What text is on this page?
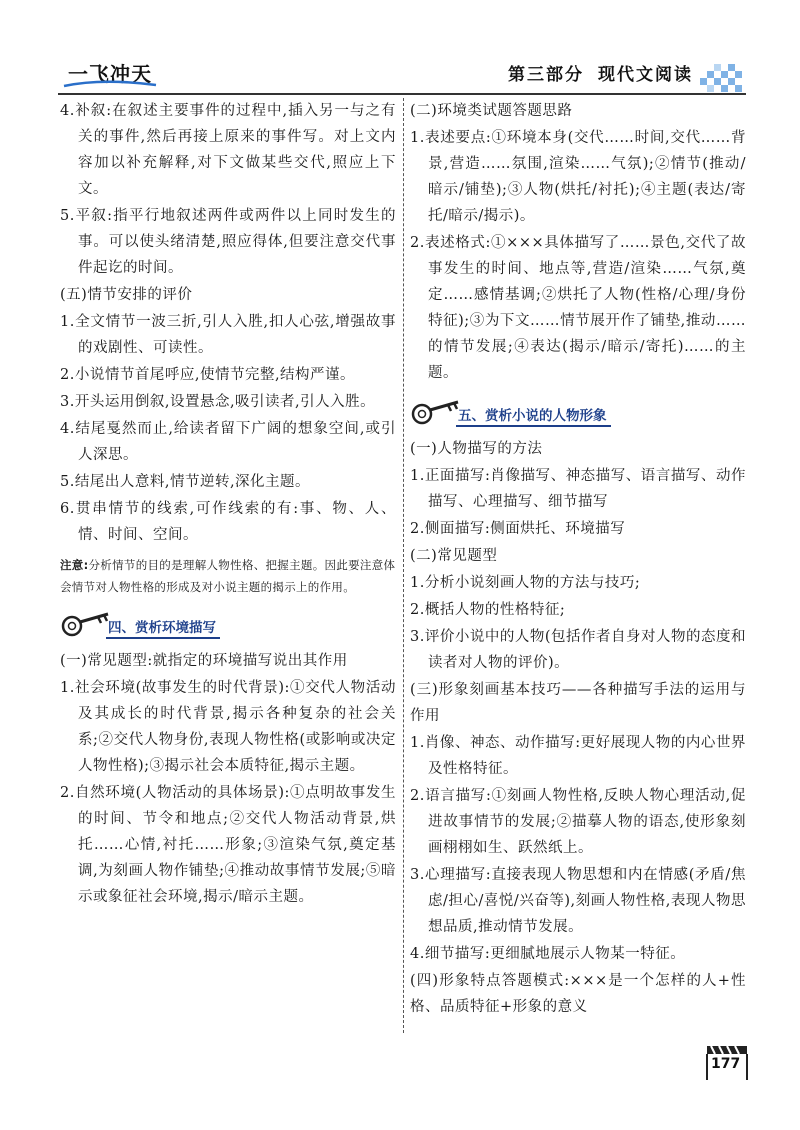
一飞冲天	第三部分 现代文阅读

4.补叙:在叙述主要事件的过程中,插入另一与之有关的事件,然后再接上原来的事件写。对上文内容加以补充解释,对下文做某些交代,照应上下文。

5.平叙:指平行地叙述两件或两件以上同时发生的事。可以使头绪清楚,照应得体,但要注意交代事件起讫的时间。

(五)情节安排的评价

1.全文情节一波三折,引人入胜,扣人心弦,增强故事的戏剧性、可读性。

2.小说情节首尾呼应,使情节完整,结构严谨。

3.开头运用倒叙,设置悬念,吸引读者,引人入胜。

4.结尾戛然而止,给读者留下广阔的想象空间,或引人深思。

5.结尾出人意料,情节逆转,深化主题。

6.贯串情节的线索,可作线索的有:事、物、人、情、时间、空间。

注意:分析情节的目的是理解人物性格、把握主题。因此要注意体会情节对人物性格的形成及对小说主题的揭示上的作用。

四、赏析环境描写

(一)常见题型:就指定的环境描写说出其作用

1.社会环境(故事发生的时代背景):①交代人物活动及其成长的时代背景,揭示各种复杂的社会关系;②交代人物身份,表现人物性格(或影响或决定人物性格);③揭示社会本质特征,揭示主题。

2.自然环境(人物活动的具体场景):①点明故事发生的时间、节令和地点;②交代人物活动背景,烘托……心情,衬托……形象;③渲染气氛,奠定基调,为刻画人物作铺垫;④推动故事情节发展;⑤暗示或象征社会环境,揭示/暗示主题。

(二)环境类试题答题思路

1.表述要点:①环境本身(交代……时间,交代……背景,营造……氛围,渲染……气氛);②情节(推动/暗示/铺垫);③人物(烘托/衬托);④主题(表达/寄托/暗示/揭示)。

2.表述格式:①×××具体描写了……景色,交代了故事发生的时间、地点等,营造/渲染……气氛,奠定……感情基调;②烘托了人物(性格/心理/身份特征);③为下文……情节展开作了铺垫,推动……的情节发展;④表达(揭示/暗示/寄托)……的主题。

五、赏析小说的人物形象

(一)人物描写的方法

1.正面描写:肖像描写、神态描写、语言描写、动作描写、心理描写、细节描写

2.侧面描写:侧面烘托、环境描写

(二)常见题型

1.分析小说刻画人物的方法与技巧;

2.概括人物的性格特征;

3.评价小说中的人物(包括作者自身对人物的态度和读者对人物的评价)。

(三)形象刻画基本技巧——各种描写手法的运用与作用

1.肖像、神态、动作描写:更好展现人物的内心世界及性格特征。

2.语言描写:①刻画人物性格,反映人物心理活动,促进故事情节的发展;②描摹人物的语态,使形象刻画栩栩如生、跃然纸上。

3.心理描写:直接表现人物思想和内在情感(矛盾/焦虑/担心/喜悦/兴奋等),刻画人物性格,表现人物思想品质,推动情节发展。

4.细节描写:更细腻地展示人物某一特征。

(四)形象特点答题模式:×××是一个怎样的人+性格、品质特征+形象的意义

177
